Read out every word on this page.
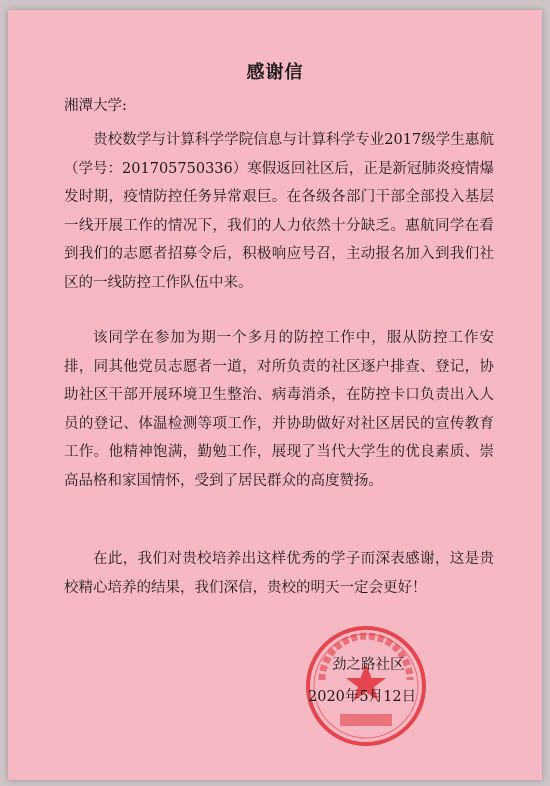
感谢信
湘潭大学:

贵校数学与计算科学学院信息与计算科学专业2017级学生惠航（学号：201705750336）寒假返回社区后，正是新冠肺炎疫情爆发时期，疫情防控任务异常艰巨。在各级各部门干部全部投入基层一线开展工作的情况下，我们的人力依然十分缺乏。惠航同学在看到我们的志愿者招募令后，积极响应号召，主动报名加入到我们社区的一线防控工作队伍中来。

该同学在参加为期一个多月的防控工作中，服从防控工作安排，同其他党员志愿者一道，对所负责的社区逐户排查、登记，协助社区干部开展环境卫生整治、病毒消杀，在防控卡口负责出入人员的登记、体温检测等项工作，并协助做好对社区居民的宣传教育工作。他精神饱满，勤勉工作，展现了当代大学生的优良素质、崇高品格和家国情怀，受到了居民群众的高度赞扬。

在此，我们对贵校培养出这样优秀的学子而深表感谢，这是贵校精心培养的结果，我们深信，贵校的明天一定会更好！

劲之路社区
2020年5月12日
